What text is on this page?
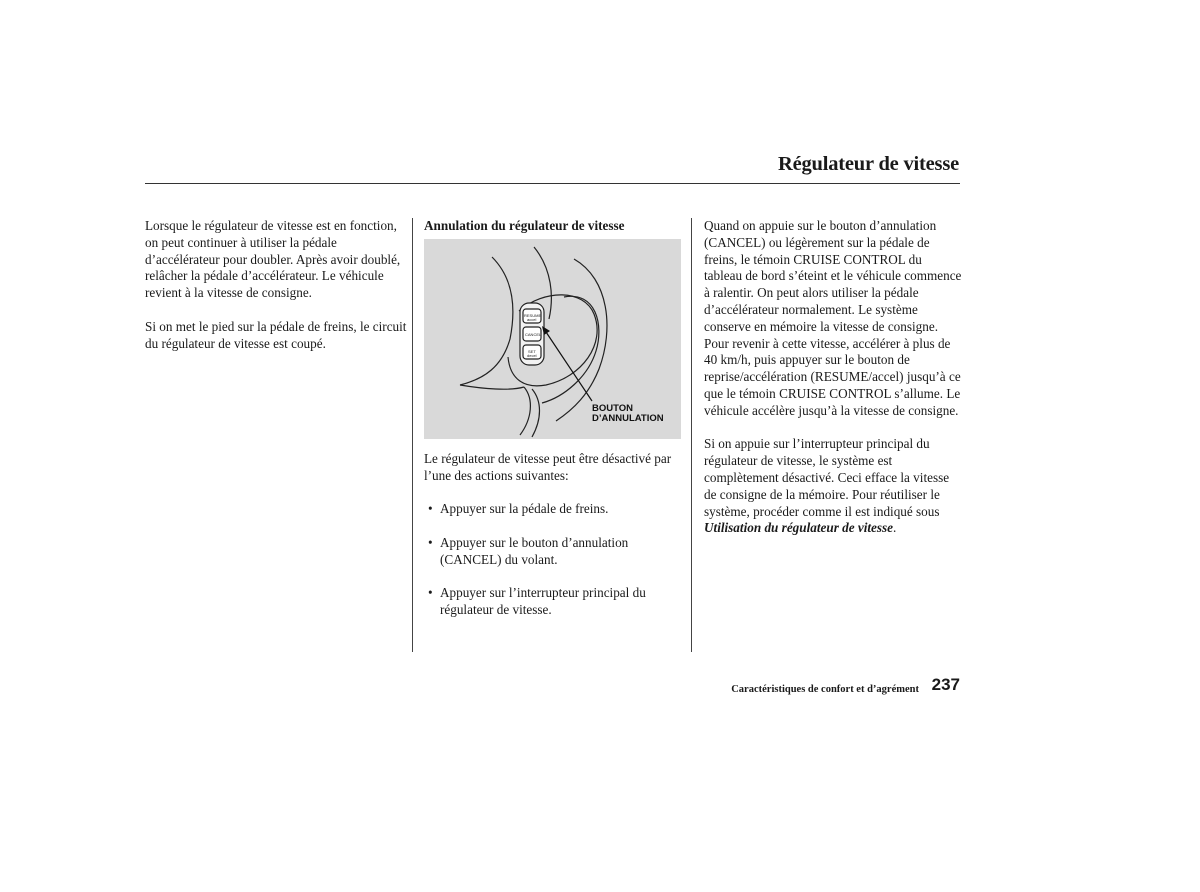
Régulateur de vitesse

Lorsque le régulateur de vitesse est en fonction, on peut continuer à utiliser la pédale d’accélérateur pour doubler. Après avoir doublé, relâcher la pédale d’accélérateur. Le véhicule revient à la vitesse de consigne.

Si on met le pied sur la pédale de freins, le circuit du régulateur de vitesse est coupé.

Annulation du régulateur de vitesse
RESUME
accel
CANCEL
SET
decel
BOUTON
D’ANNULATION

Le régulateur de vitesse peut être désactivé par l’une des actions suivantes:

• Appuyer sur la pédale de freins.
• Appuyer sur le bouton d’annulation (CANCEL) du volant.
• Appuyer sur l’interrupteur principal du régulateur de vitesse.

Quand on appuie sur le bouton d’annulation (CANCEL) ou légèrement sur la pédale de freins, le témoin CRUISE CONTROL du tableau de bord s’éteint et le véhicule commence à ralentir. On peut alors utiliser la pédale d’accélérateur normalement. Le système conserve en mémoire la vitesse de consigne. Pour revenir à cette vitesse, accélérer à plus de 40 km/h, puis appuyer sur le bouton de reprise/accélération (RESUME/accel) jusqu’à ce que le témoin CRUISE CONTROL s’allume. Le véhicule accélère jusqu’à la vitesse de consigne.

Si on appuie sur l’interrupteur principal du régulateur de vitesse, le système est complètement désactivé. Ceci efface la vitesse de consigne de la mémoire. Pour réutiliser le système, procéder comme il est indiqué sous Utilisation du régulateur de vitesse.

Caractéristiques de confort et d’agrément 237
